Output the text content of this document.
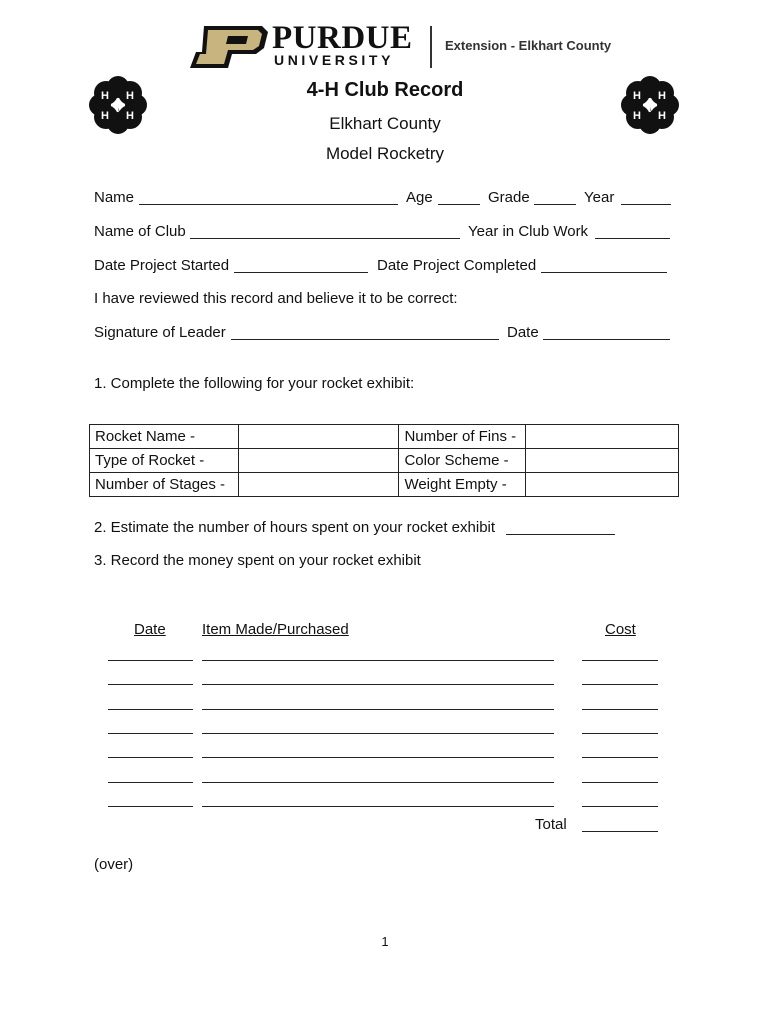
PURDUE
UNIVERSITY
Extension - Elkhart County
H H
H H
H H
H H
4-H Club Record
Elkhart County
Model Rocketry
Name	Age	Grade	Year
Name of Club	Year in Club Work
Date Project Started	Date Project Completed
I have reviewed this record and believe it to be correct:
Signature of Leader	Date
1. Complete the following for your rocket exhibit:
Rocket Name -		Number of Fins -	
Type of Rocket -		Color Scheme -	
Number of Stages -		Weight Empty -	
2. Estimate the number of hours spent on your rocket exhibit
3. Record the money spent on your rocket exhibit
Date Item Made/Purchased	Cost
Total
(over)
1
